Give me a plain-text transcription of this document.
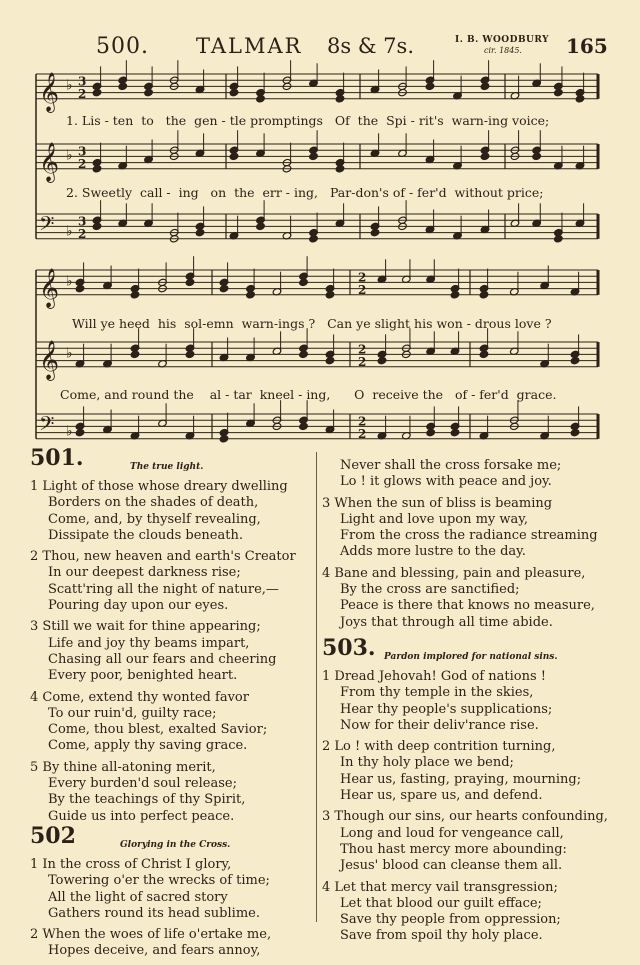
500. TALMAR 8s & 7s.	I. B. WOODBURY
cir. 1845. 165
𝄞 ♭ 3
2
𝄞 ♭ 3
2
𝄢 ♭
3
2
𝄞 ♭
𝄞 ♭
𝄢 ♭
2
2
2
2
2
2
1. Lis - ten  to   the  gen - tle promptings   Of  the  Spi - rit's  warn-ing voice;
2. Sweetly  call -  ing   on  the  err - ing,   Par-don's of - fer'd  without price;
Will ye heed  his  sol-emn  warn-ings ?   Can ye slight his won - drous love ?
Come, and round the    al - tar  kneel - ing,      O  receive the   of - fer'd  grace.
501.	The true light.
1 Light of those whose dreary dwelling
Borders on the shades of death,
Come, and, by thyself revealing,
Dissipate the clouds beneath.
2 Thou, new heaven and earth's Creator
In our deepest darkness rise;
Scatt'ring all the night of nature,—
Pouring day upon our eyes.
3 Still we wait for thine appearing;
Life and joy thy beams impart,
Chasing all our fears and cheering
Every poor, benighted heart.
4 Come, extend thy wonted favor
To our ruin'd, guilty race;
Come, thou blest, exalted Savior;
Come, apply thy saving grace.
5 By thine all-atoning merit,
Every burden'd soul release;
By the teachings of thy Spirit,
Guide us into perfect peace.
502	Glorying in the Cross.
1 In the cross of Christ I glory,
Towering o'er the wrecks of time;
All the light of sacred story
Gathers round its head sublime.
2 When the woes of life o'ertake me,
Hopes deceive, and fears annoy,
Never shall the cross forsake me;
Lo ! it glows with peace and joy.
3 When the sun of bliss is beaming
Light and love upon my way,
From the cross the radiance streaming
Adds more lustre to the day.
4 Bane and blessing, pain and pleasure,
By the cross are sanctified;
Peace is there that knows no measure,
Joys that through all time abide.
503. Pardon implored for national sins.
1 Dread Jehovah! God of nations !
From thy temple in the skies,
Hear thy people's supplications;
Now for their deliv'rance rise.
2 Lo ! with deep contrition turning,
In thy holy place we bend;
Hear us, fasting, praying, mourning;
Hear us, spare us, and defend.
3 Though our sins, our hearts confounding,
Long and loud for vengeance call,
Thou hast mercy more abounding:
Jesus' blood can cleanse them all.
4 Let that mercy vail transgression;
Let that blood our guilt efface;
Save thy people from oppression;
Save from spoil thy holy place.
